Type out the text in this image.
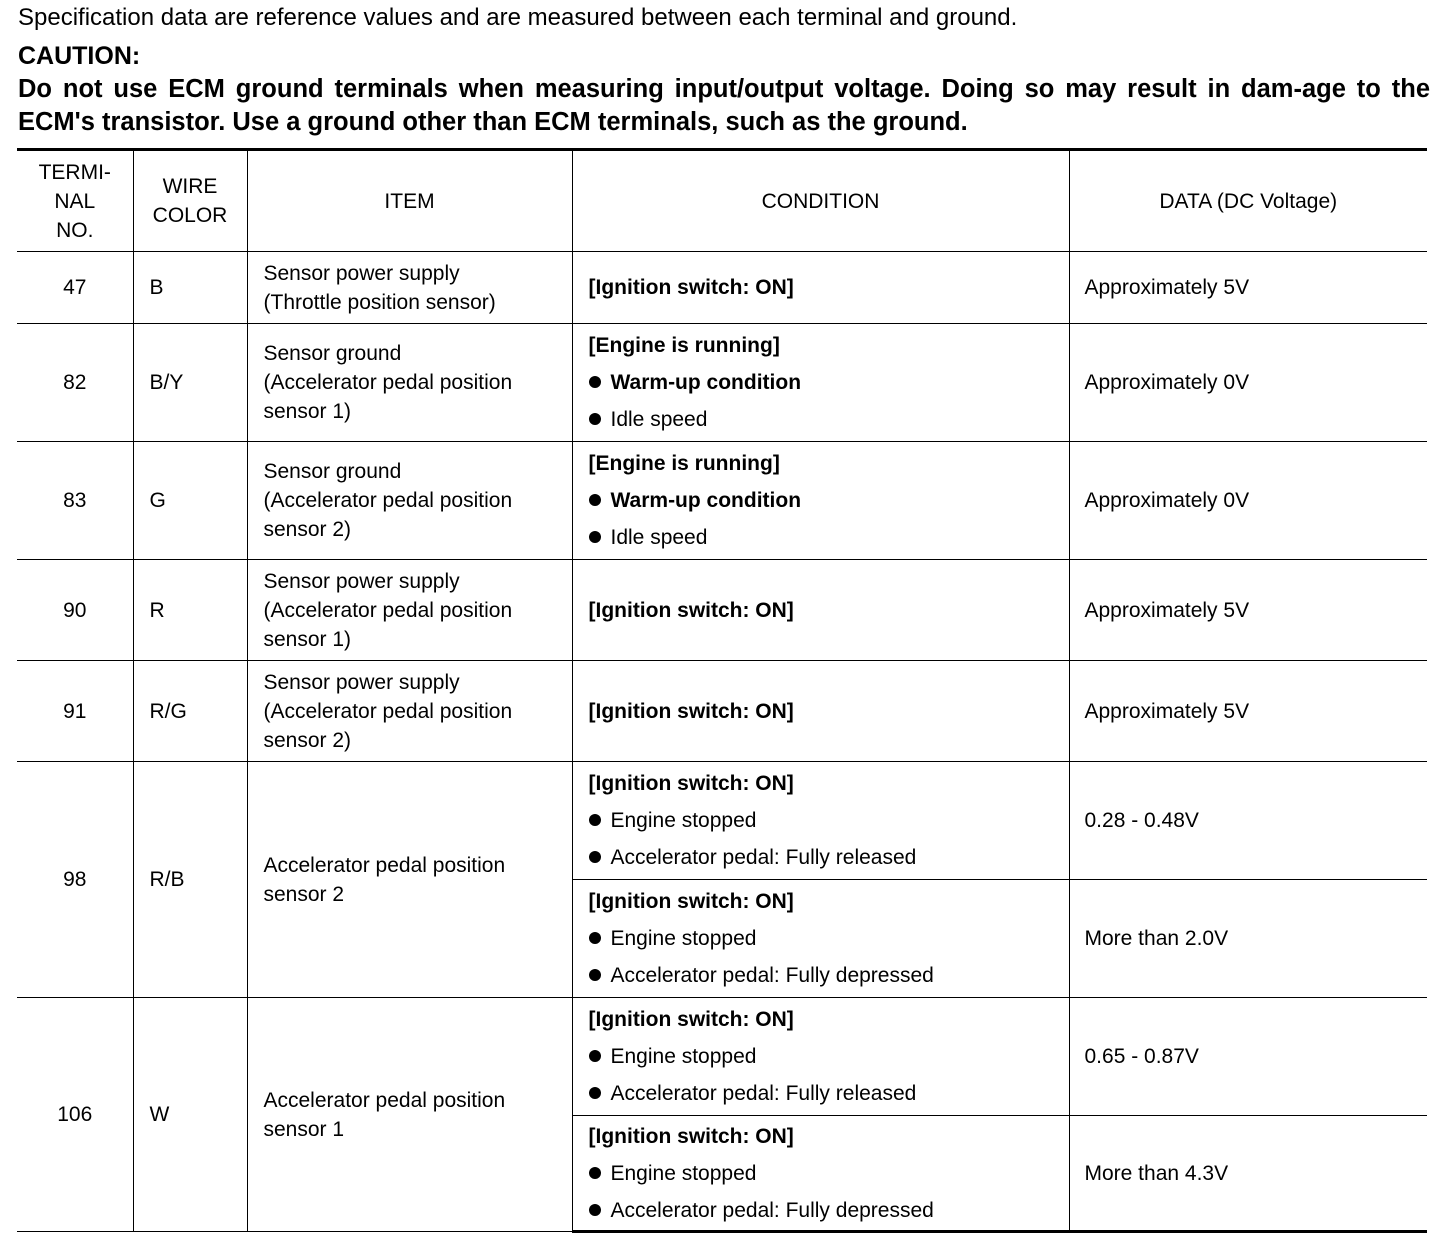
Specification data are reference values and are measured between each terminal and ground.

CAUTION:

Do not use ECM ground terminals when measuring input/output voltage. Doing so may result in dam-age to the ECM's transistor. Use a ground other than ECM terminals, such as the ground.

TERMI-
NAL
NO.	WIRE
COLOR	ITEM	CONDITION	DATA (DC Voltage)
47	B	Sensor power supply
(Throttle position sensor)	[Ignition switch: ON]	Approximately 5V
82	B/Y	Sensor ground
(Accelerator pedal position
sensor 1)	[Engine is running]
Warm-up condition
Idle speed	Approximately 0V
83	G	Sensor ground
(Accelerator pedal position
sensor 2)	[Engine is running]
Warm-up condition
Idle speed	Approximately 0V
90	R	Sensor power supply
(Accelerator pedal position
sensor 1)	[Ignition switch: ON]	Approximately 5V
91	R/G	Sensor power supply
(Accelerator pedal position
sensor 2)	[Ignition switch: ON]	Approximately 5V
98	R/B	Accelerator pedal position
sensor 2	[Ignition switch: ON]
Engine stopped
Accelerator pedal: Fully released	0.28 - 0.48V

			[Ignition switch: ON]
Engine stopped
Accelerator pedal: Fully depressed	More than 2.0V
106	W	Accelerator pedal position
sensor 1	[Ignition switch: ON]
Engine stopped
Accelerator pedal: Fully released	0.65 - 0.87V

			[Ignition switch: ON]
Engine stopped
Accelerator pedal: Fully depressed	More than 4.3V
